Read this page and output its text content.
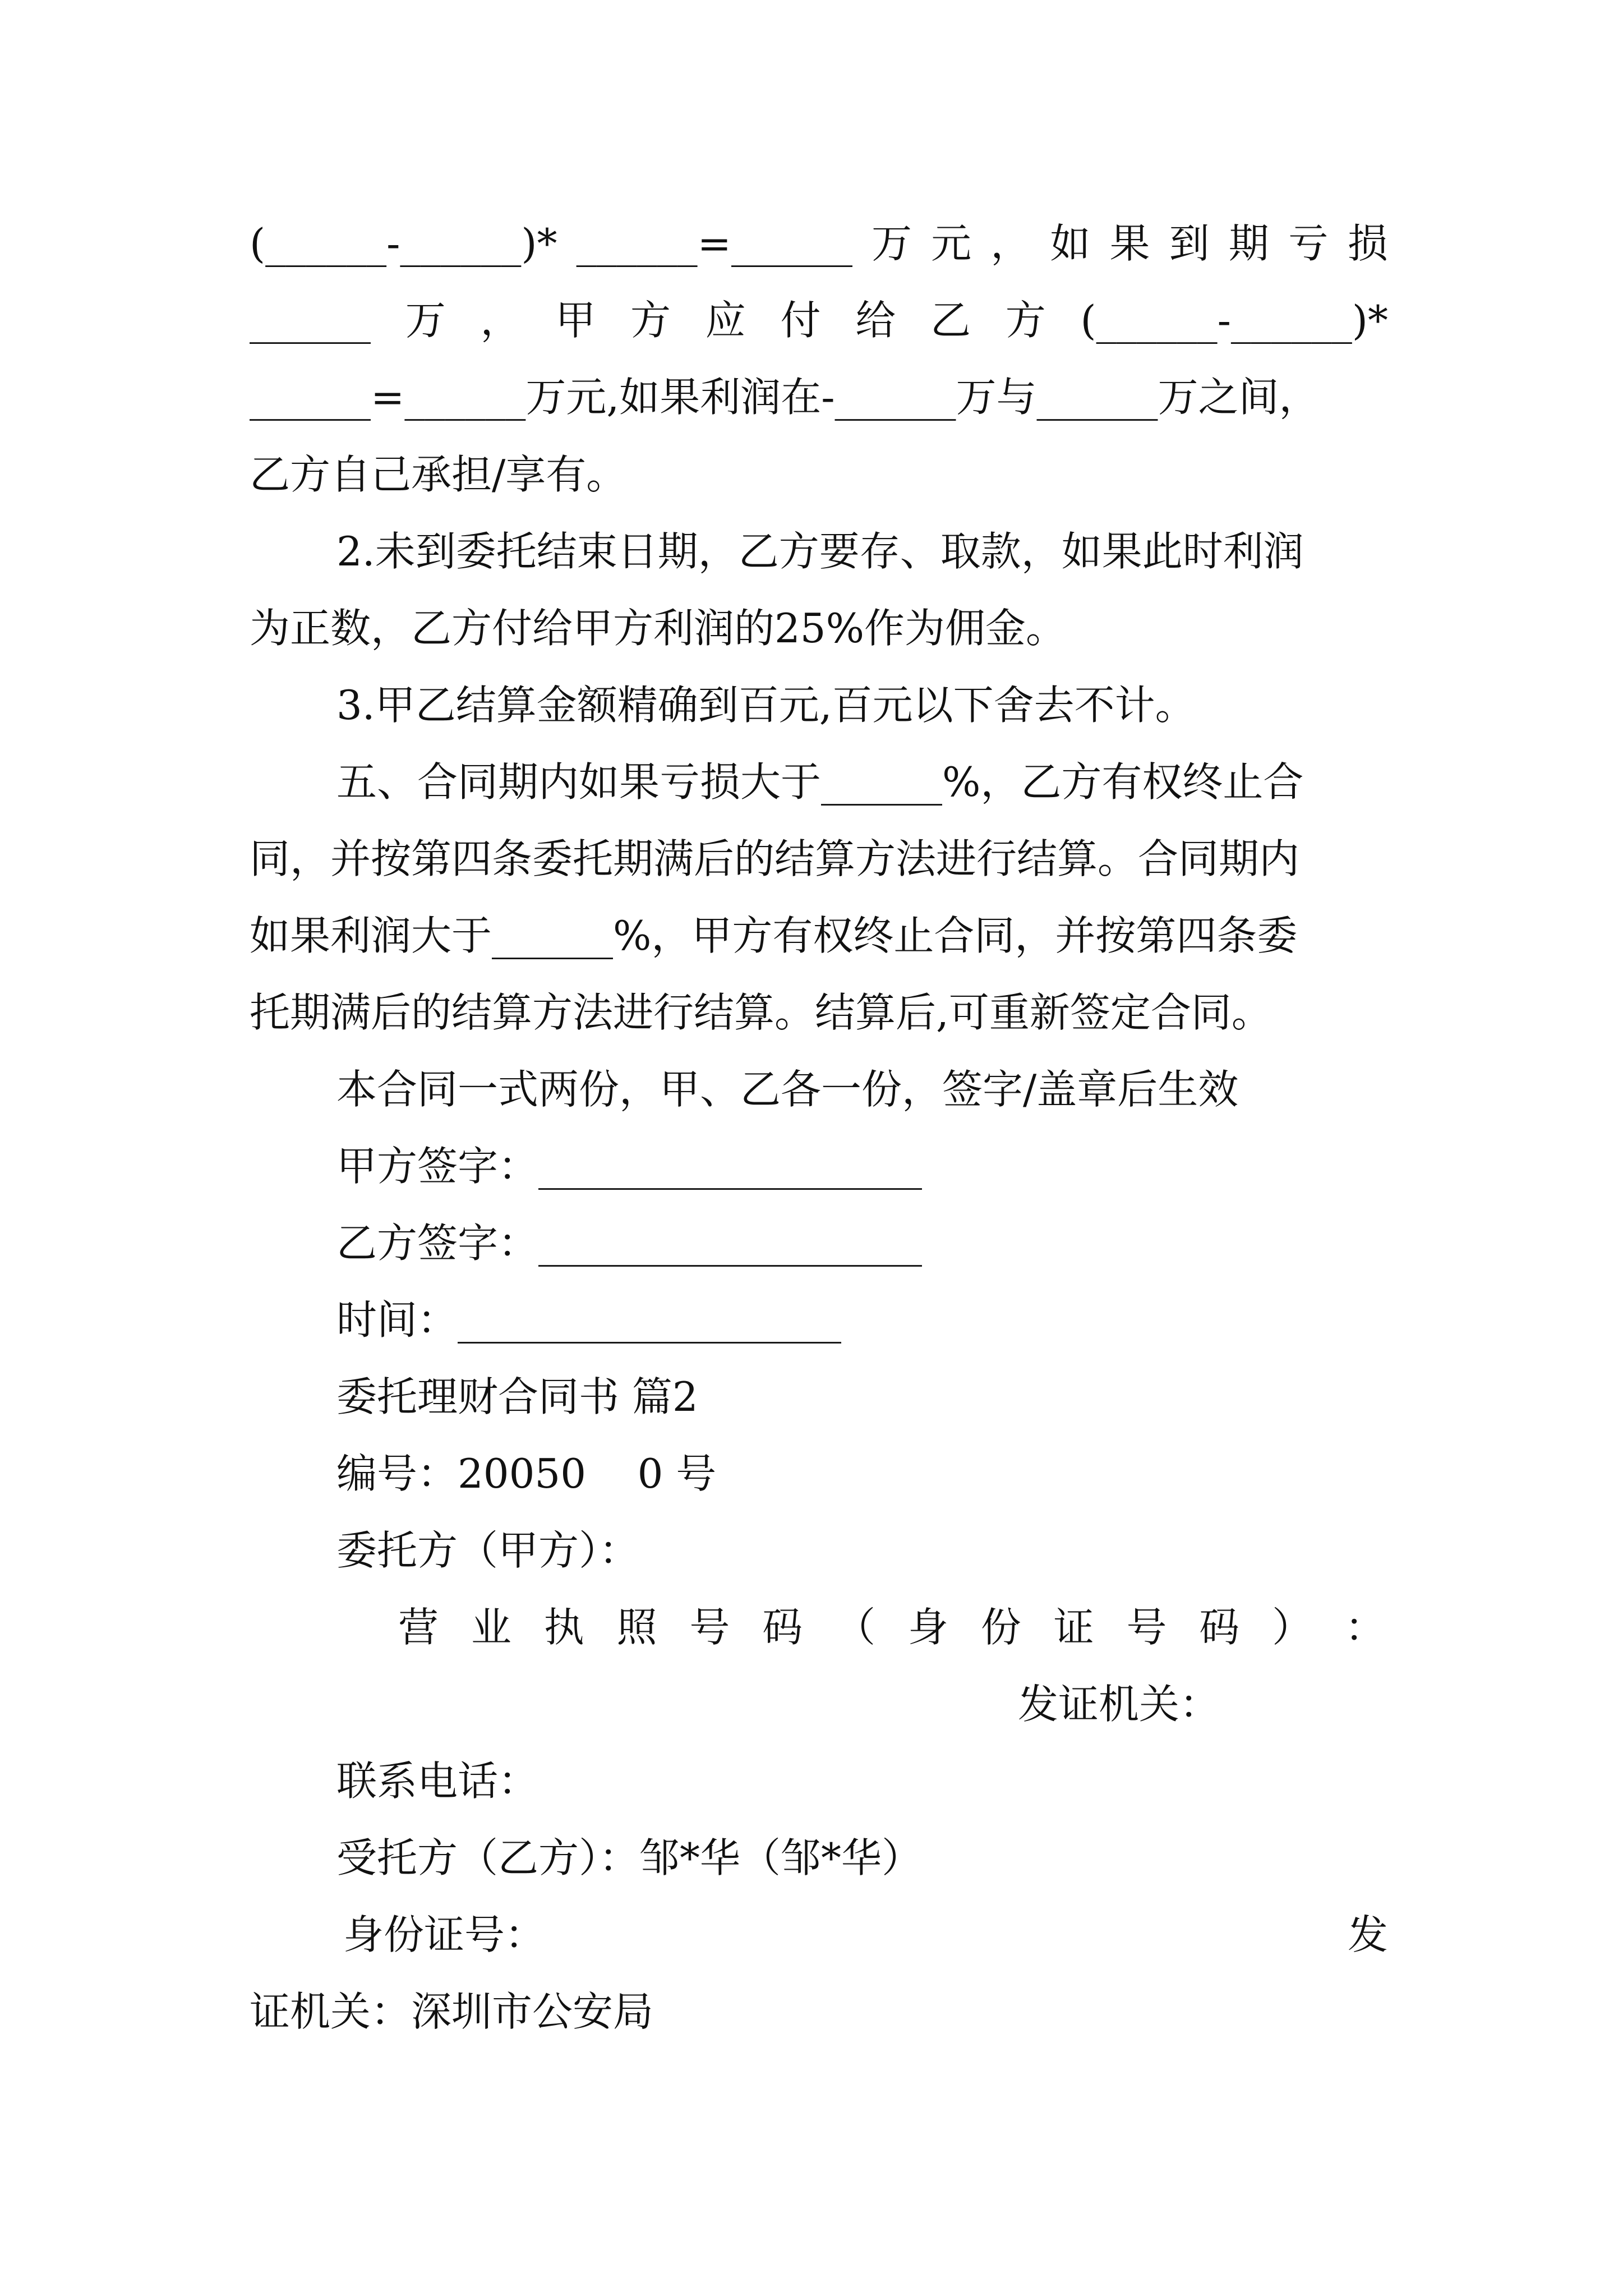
(______-______)* ______=______ 万 元 ， 如 果 到 期 亏 损
______ 万 ， 甲 方 应 付 给 乙 方 (______-______)*
______=______万元,如果利润在-______万与______万之间，

乙方自己承担/享有。

2.未到委托结束日期，乙方要存、取款，如果此时利润

为正数，乙方付给甲方利润的25%作为佣金。

3.甲乙结算金额精确到百元,百元以下舍去不计。

五、合同期内如果亏损大于______%，乙方有权终止合

同，并按第四条委托期满后的结算方法进行结算。合同期内

如果利润大于______%，甲方有权终止合同，并按第四条委

托期满后的结算方法进行结算。结算后,可重新签定合同。

本合同一式两份，甲、乙各一份，签字/盖章后生效

甲方签字：___________________

乙方签字：___________________

时间：___________________

委托理财合同书 篇2

编号：20050    0 号

委托方（甲方）：

营 业 执 照 号 码 （ 身 份 证 号 码 ） ：

发证机关：

联系电话：

受托方（乙方）：邹*华（邹*华）

身份证号：	发

证机关：深圳市公安局
